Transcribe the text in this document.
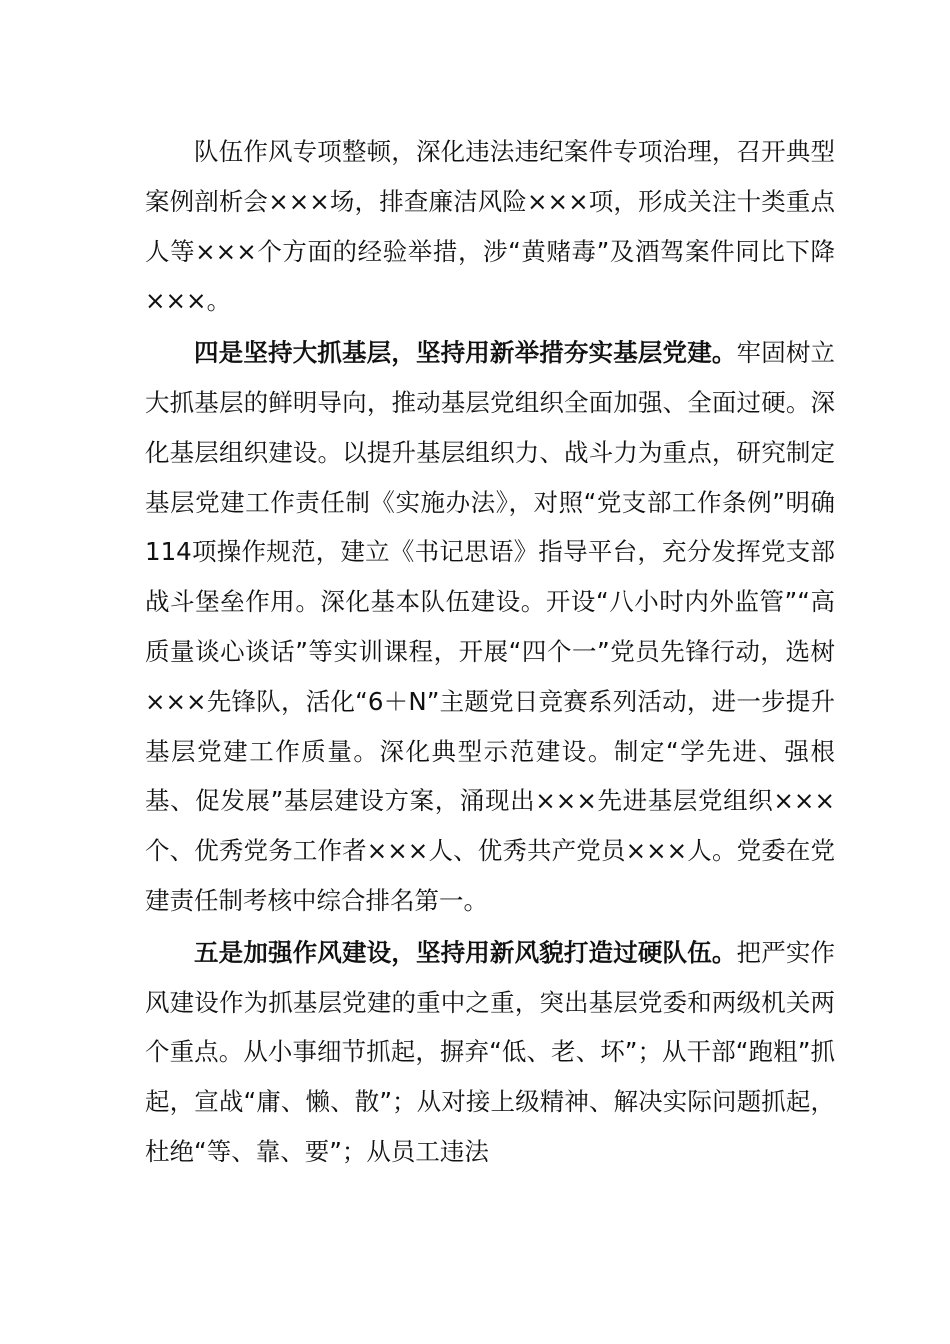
队伍作风专项整顿，深化违法违纪案件专项治理，召开典型案例剖析会×××场，排查廉洁风险×××项，形成关注十类重点人等×××个方面的经验举措，涉“黄赌毒”及酒驾案件同比下降×××。

四是坚持大抓基层，坚持用新举措夯实基层党建。牢固树立大抓基层的鲜明导向，推动基层党组织全面加强、全面过硬。深化基层组织建设。以提升基层组织力、战斗力为重点，研究制定基层党建工作责任制《实施办法》，对照“党支部工作条例”明确114项操作规范，建立《书记思语》指导平台，充分发挥党支部战斗堡垒作用。深化基本队伍建设。开设“八小时内外监管”“高质量谈心谈话”等实训课程，开展“四个一”党员先锋行动，选树×××先锋队，活化“6＋N”主题党日竞赛系列活动，进一步提升基层党建工作质量。深化典型示范建设。制定“学先进、强根基、促发展”基层建设方案，涌现出×××先进基层党组织×××个、优秀党务工作者×××人、优秀共产党员×××人。党委在党建责任制考核中综合排名第一。

五是加强作风建设，坚持用新风貌打造过硬队伍。把严实作风建设作为抓基层党建的重中之重，突出基层党委和两级机关两个重点。从小事细节抓起，摒弃“低、老、坏”；从干部“跑粗”抓起，宣战“庸、懒、散”；从对接上级精神、解决实际问题抓起，杜绝“等、靠、要”；从员工违法
